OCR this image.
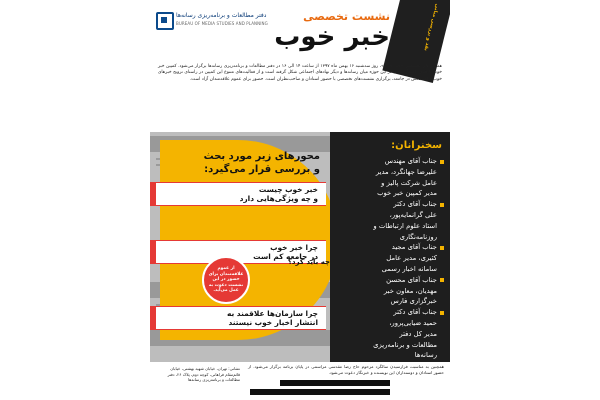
دفتر مطالعات و برنامه‌ریزی رسانه‌ها
BUREAU OF MEDIA STUDIES AND PLANNING	نقد و بررسی مبانی
نشست تخصصی
خبر خوب
همایش‌های تخصصی «خبر خوب»، روز سه‌شنبه ۱۶ بهمن ماه ۱۳۹۷ از ساعت ۱۴ الی ۱۶ در دفتر مطالعات و برنامه‌ریزی رسانه‌ها برگزار می‌شود. کمپین خبر خوب با هدف گفتمان‌سازی در این حوزه میان رسانه‌ها و دیگر نهادهای اجتماعی شکل گرفته است و از فعالیت‌های متنوع این کمپین در راستای ترویج خبرهای خوب و امیدبخش در جامعه، برگزاری نشست‌های تخصصی با حضور استادان و صاحب‌نظران است. حضور برای عموم علاقه‌مندان آزاد است.
محورهای زیر مورد بحث
و بررسی قرار می‌گیرد:
خبر خوب چیست
و چه ویژگی‌هایی دارد
چرا خبر خوب
در جامعه کم است
چرا سازمان‌ها علاقمند به
انتشار اخبار خوب نیستند
از عموم علاقه‌مندان برای حضور در این نشست دعوت به عمل می‌آید.
چه باید کرد؟
سخنرانان:
جناب آقای مهندس
علیرضا جهانگرد، مدیر
عامل شرکت پالیز و
مدیر کمپین خبر خوب
جناب آقای دکتر
علی گرانمایه‌پور،
استاد علوم ارتباطات و
روزنامه‌نگاری
جناب آقای مجید
کثیری، مدیر عامل
سامانه اخبار رسمی
جناب آقای محسن
مهدیان، معاون خبر
خبرگزاری فارس
جناب آقای دکتر
حمید ضیایی‌پرور،
مدیر کل دفتر
مطالعات و برنامه‌ریزی
رسانه‌ها
نشانی: تهران، خیابان شهید بهشتی، خیابان قائم‌مقام فراهانی، کوچه دوم، پلاک ۲۶، دفتر مطالعات و برنامه‌ریزی رسانه‌ها
همچنین به مناسبت فرارسیدن سالگرد مرحوم حاج رضا مقدسی مراسمی در پایان برنامه برگزار می‌شود. از حضور استادان و دوستداران این نویسنده و خبرنگار دعوت می‌شود.
